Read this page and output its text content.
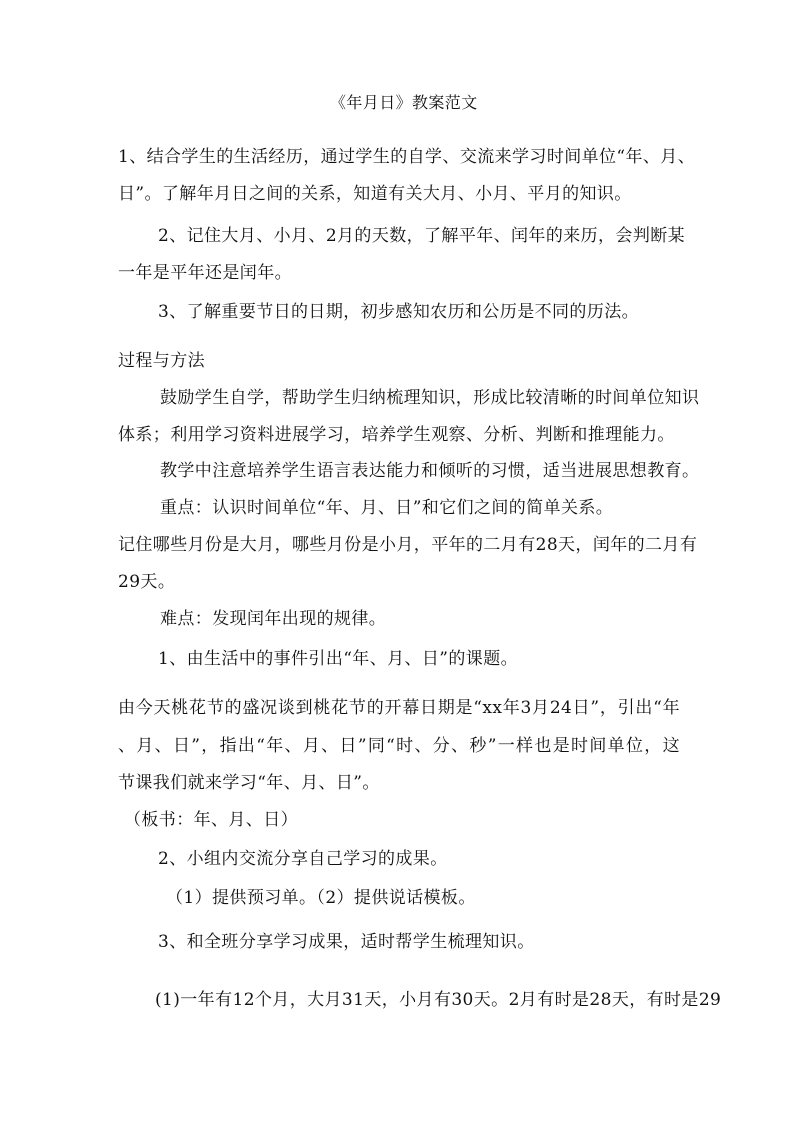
《年月日》教案范文
1、结合学生的生活经历，通过学生的自学、交流来学习时间单位“年、月、
日”。了解年月日之间的关系，知道有关大月、小月、平月的知识。
2、记住大月、小月、2月的天数，了解平年、闰年的来历，会判断某
一年是平年还是闰年。
3、了解重要节日的日期，初步感知农历和公历是不同的历法。
过程与方法
鼓励学生自学，帮助学生归纳梳理知识，形成比较清晰的时间单位知识
体系；利用学习资料进展学习，培养学生观察、分析、判断和推理能力。
教学中注意培养学生语言表达能力和倾听的习惯，适当进展思想教育。
重点：认识时间单位“年、月、日”和它们之间的简单关系。
记住哪些月份是大月，哪些月份是小月，平年的二月有28天，闰年的二月有
29天。
难点：发现闰年出现的规律。
1、由生活中的事件引出“年、月、日”的课题。
由今天桃花节的盛况谈到桃花节的开幕日期是“xx年3月24日”，引出“年
、月、日”，指出“年、月、日”同“时、分、秒”一样也是时间单位，这
节课我们就来学习“年、月、日”。
（板书：年、月、日）
2、小组内交流分享自己学习的成果。
（1）提供预习单。（2）提供说话模板。
3、和全班分享学习成果，适时帮学生梳理知识。
(1)一年有12个月，大月31天，小月有30天。2月有时是28天，有时是29
